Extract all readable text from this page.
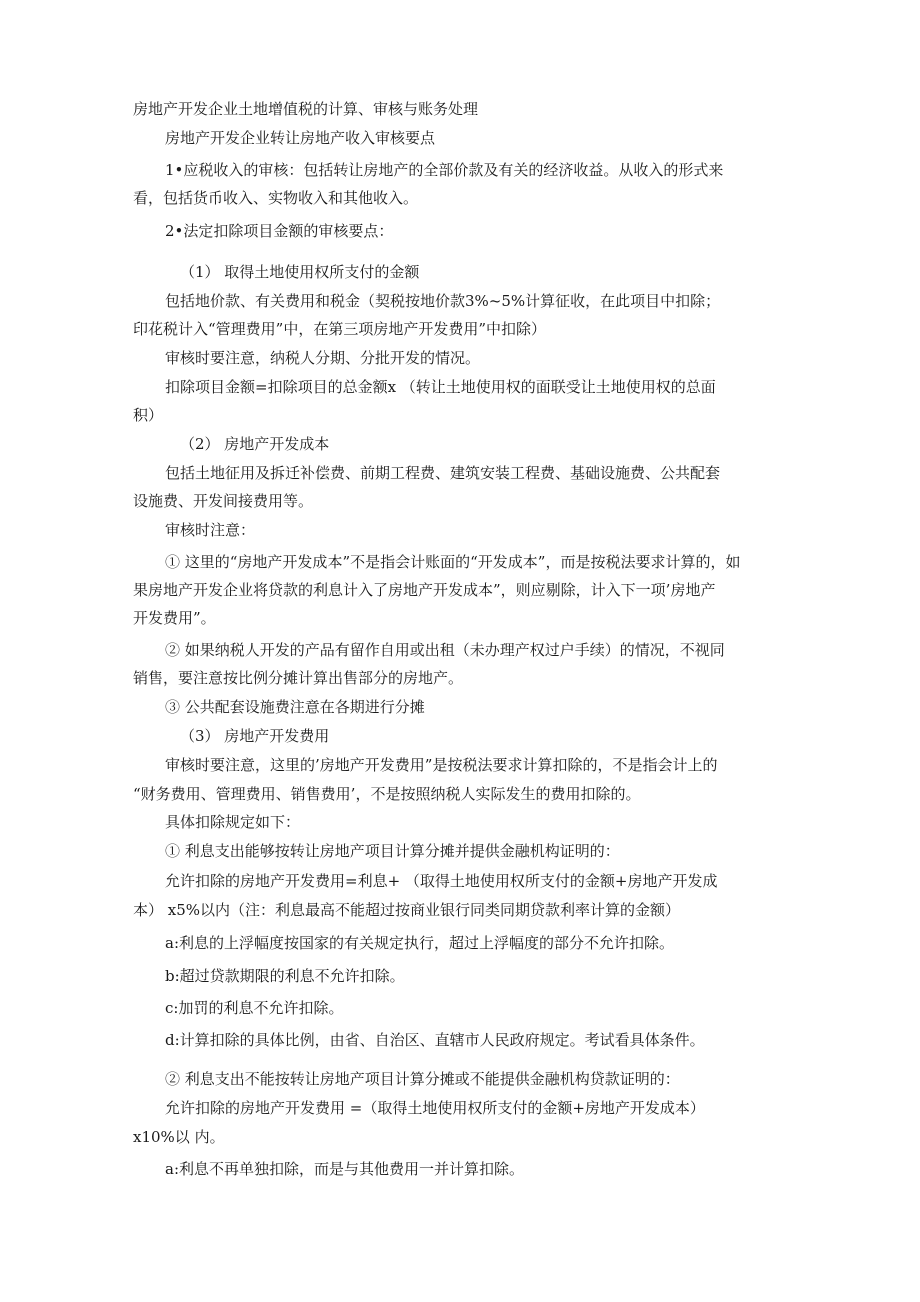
房地产开发企业土地增值税的计算、审核与账务处理

房地产开发企业转让房地产收入审核要点

1•应税收入的审核：包括转让房地产的全部价款及有关的经济收益。从收入的形式来

看，包括货币收入、实物收入和其他收入。

2•法定扣除项目金额的审核要点：

（1） 取得土地使用权所支付的金额

包括地价款、有关费用和税金（契税按地价款3%~5%计算征收，在此项目中扣除；

印花税计入“管理费用”中，在第三项房地产开发费用”中扣除）

审核时要注意，纳税人分期、分批开发的情况。

扣除项目金额=扣除项目的总金额x （转让土地使用权的面联受让土地使用权的总面

积）

（2） 房地产开发成本

包括土地征用及拆迁补偿费、前期工程费、建筑安装工程费、基础设施费、公共配套

设施费、开发间接费用等。

审核时注意：

① 这里的“房地产开发成本”不是指会计账面的“开发成本”，而是按税法要求计算的，如

果房地产开发企业将贷款的利息计入了房地产开发成本”，则应剔除，计入下一项’房地产

开发费用”。

② 如果纳税人开发的产品有留作自用或出租（未办理产权过户手续）的情况，不视同

销售，要注意按比例分摊计算出售部分的房地产。

③ 公共配套设施费注意在各期进行分摊

（3） 房地产开发费用

审核时要注意，这里的’房地产开发费用”是按税法要求计算扣除的，不是指会计上的

“财务费用、管理费用、销售费用’，不是按照纳税人实际发生的费用扣除的。

具体扣除规定如下：

① 利息支出能够按转让房地产项目计算分摊并提供金融机构证明的：

允许扣除的房地产开发费用=利息+ （取得土地使用权所支付的金额+房地产开发成

本） x5%以内（注：利息最高不能超过按商业银行同类同期贷款利率计算的金额）

a:利息的上浮幅度按国家的有关规定执行，超过上浮幅度的部分不允许扣除。

b:超过贷款期限的利息不允许扣除。

c:加罚的利息不允许扣除。

d:计算扣除的具体比例，由省、自治区、直辖市人民政府规定。考试看具体条件。

② 利息支出不能按转让房地产项目计算分摊或不能提供金融机构贷款证明的：

允许扣除的房地产开发费用 =（取得土地使用权所支付的金额+房地产开发成本）

x10%以 内。

a:利息不再单独扣除，而是与其他费用一并计算扣除。
